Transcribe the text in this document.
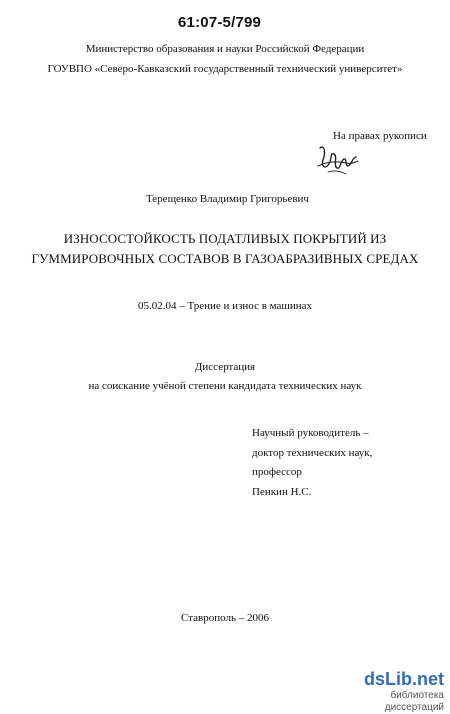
61:07-5/799
Министерство образования и науки Российской Федерации
ГОУВПО «Северо-Кавказский государственный технический университет»
На правах рукописи
Терещенко Владимир Григорьевич
ИЗНОСОСТОЙКОСТЬ ПОДАТЛИВЫХ ПОКРЫТИЙ ИЗ
ГУММИРОВОЧНЫХ СОСТАВОВ В ГАЗОАБРАЗИВНЫХ СРЕДАХ
05.02.04 – Трение и износ в машинах
Диссертация
на соискание учёной степени кандидата технических наук
Научный руководитель –
доктор технических наук,
профессор
Пенкин Н.С.
Ставрополь – 2006
dsLib.net
библиотека диссертаций
